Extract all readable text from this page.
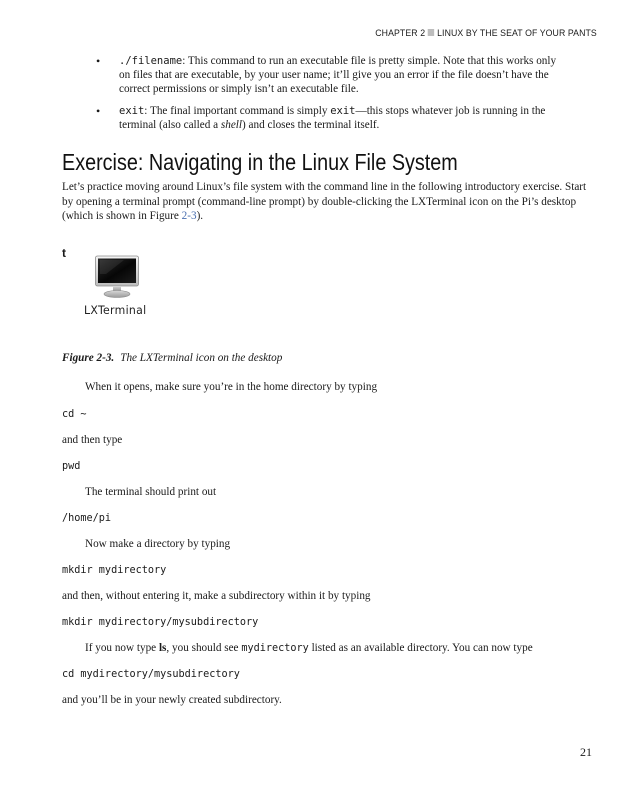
CHAPTER 2 LINUX BY THE SEAT OF YOUR PANTS
• ./filename: This command to run an executable file is pretty simple. Note that this works only
on files that are executable, by your user name; it’ll give you an error if the file doesn’t have the
correct permissions or simply isn’t an executable file.
• exit: The final important command is simply exit—this stops whatever job is running in the
terminal (also called a shell) and closes the terminal itself.
Exercise: Navigating in the Linux File System

Let’s practice moving around Linux’s file system with the command line in the following introductory exercise. Start
by opening a terminal prompt (command-line prompt) by double-clicking the LXTerminal icon on the Pi’s desktop
(which is shown in Figure 2-3).

t
LXTerminal
Figure 2-3. The LXTerminal icon on the desktop

When it opens, make sure you’re in the home directory by typing

cd ~

and then type

pwd

The terminal should print out

/home/pi

Now make a directory by typing

mkdir mydirectory

and then, without entering it, make a subdirectory within it by typing

mkdir mydirectory/mysubdirectory

If you now type ls, you should see mydirectory listed as an available directory. You can now type

cd mydirectory/mysubdirectory

and you’ll be in your newly created subdirectory.

21
